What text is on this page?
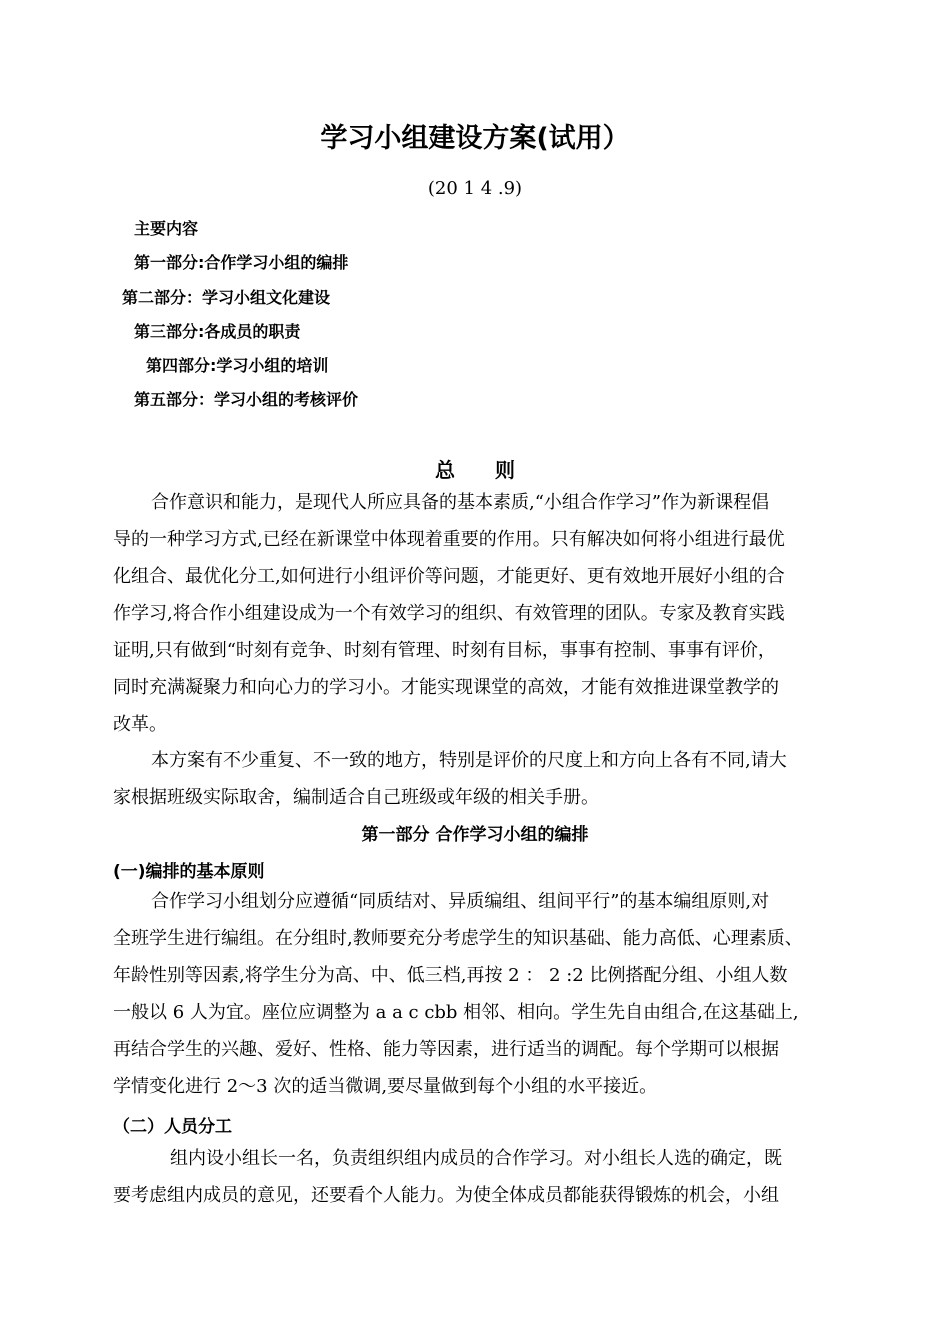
学习小组建设方案(试用）
(20 1 4 .9)
主要内容
第一部分:合作学习小组的编排
第二部分：学习小组文化建设
第三部分:各成员的职责
第四部分:学习小组的培训
第五部分：学习小组的考核评价
总　　则
合作意识和能力，是现代人所应具备的基本素质,“小组合作学习”作为新课程倡
导的一种学习方式,已经在新课堂中体现着重要的作用。只有解决如何将小组进行最优
化组合、最优化分工,如何进行小组评价等问题，才能更好、更有效地开展好小组的合
作学习,将合作小组建设成为一个有效学习的组织、有效管理的团队。专家及教育实践
证明,只有做到“时刻有竞争、时刻有管理、时刻有目标，事事有控制、事事有评价，
同时充满凝聚力和向心力的学习小。才能实现课堂的高效，才能有效推进课堂教学的
改革。
本方案有不少重复、不一致的地方，特别是评价的尺度上和方向上各有不同,请大
家根据班级实际取舍，编制适合自己班级或年级的相关手册。
第一部分 合作学习小组的编排
(一)编排的基本原则
合作学习小组划分应遵循“同质结对、异质编组、组间平行”的基本编组原则,对
全班学生进行编组。在分组时,教师要充分考虑学生的知识基础、能力高低、心理素质、
年龄性别等因素,将学生分为高、中、低三档,再按 2 ： 2 :2 比例搭配分组、小组人数
一般以 6 人为宜。座位应调整为 a a c cbb 相邻、相向。学生先自由组合,在这基础上,
再结合学生的兴趣、爱好、性格、能力等因素，进行适当的调配。每个学期可以根据
学情变化进行 2～3 次的适当微调,要尽量做到每个小组的水平接近。
（二）人员分工
组内设小组长一名，负责组织组内成员的合作学习。对小组长人选的确定，既
要考虑组内成员的意见，还要看个人能力。为使全体成员都能获得锻炼的机会，小组
